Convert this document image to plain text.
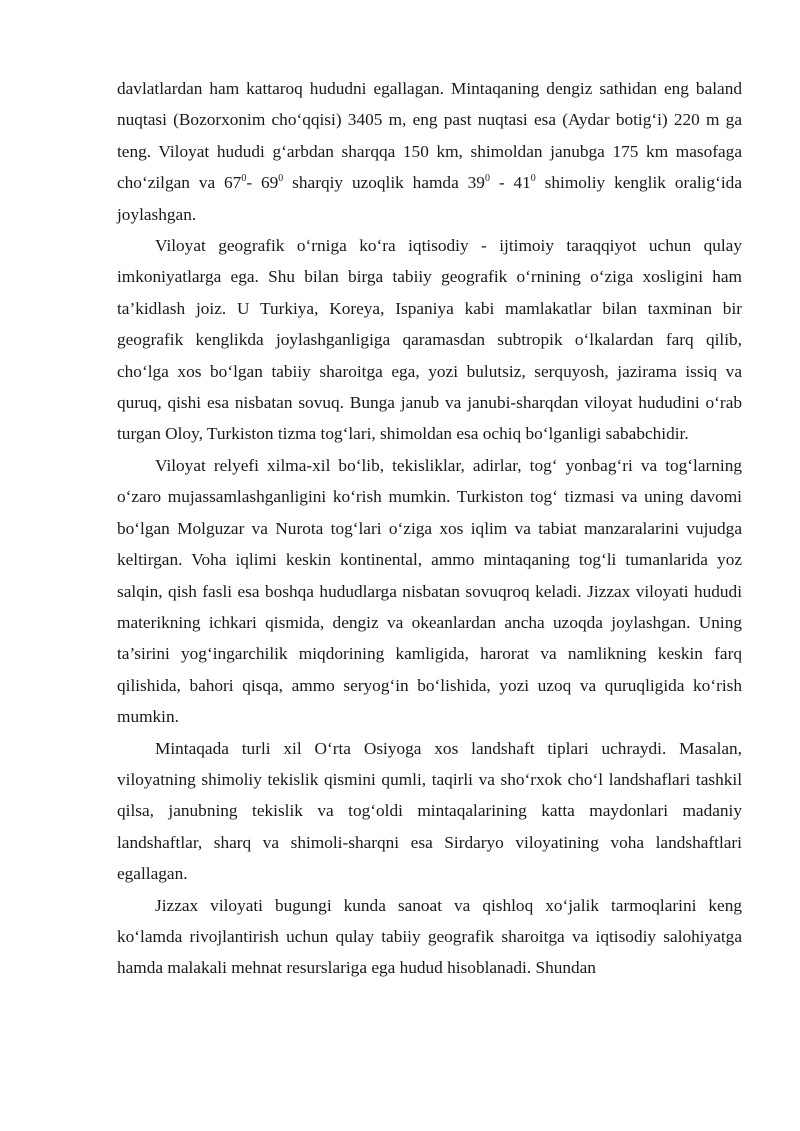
davlatlardan ham kattaroq hududni egallagan. Mintaqaning dengiz sathidan eng baland nuqtasi (Bozorxonim cho‘qqisi) 3405 m, eng past nuqtasi esa (Aydar botig‘i) 220 m ga teng. Viloyat hududi g‘arbdan sharqqa 150 km, shimoldan janubga 175 km masofaga cho‘zilgan va $67^0-$ $69^0$ sharqiy uzoqlik hamda $39^0 - 41^0$ shimoliy kenglik oralig‘ida joylashgan.

Viloyat geografik o‘rniga ko‘ra iqtisodiy - ijtimoiy taraqqiyot uchun qulay imkoniyatlarga ega. Shu bilan birga tabiiy geografik o‘rnining o‘ziga xosligini ham ta’kidlash joiz. U Turkiya, Koreya, Ispaniya kabi mamlakatlar bilan taxminan bir geografik kenglikda joylashganligiga qaramasdan subtropik o‘lkalardan farq qilib, cho‘lga xos bo‘lgan tabiiy sharoitga ega, yozi bulutsiz, serquyosh, jazirama issiq va quruq, qishi esa nisbatan sovuq. Bunga janub va janubi-sharqdan viloyat hududini o‘rab turgan Oloy, Turkiston tizma tog‘lari, shimoldan esa ochiq bo‘lganligi sababchidir.

Viloyat relyefi xilma-xil bo‘lib, tekisliklar, adirlar, tog‘ yonbag‘ri va tog‘larning o‘zaro mujassamlashganligini ko‘rish mumkin. Turkiston tog‘ tizmasi va uning davomi bo‘lgan Molguzar va Nurota tog‘lari o‘ziga xos iqlim va tabiat manzaralarini vujudga keltirgan. Voha iqlimi keskin kontinental, ammo mintaqaning tog‘li tumanlarida yoz salqin, qish fasli esa boshqa hududlarga nisbatan sovuqroq keladi. Jizzax viloyati hududi materikning ichkari qismida, dengiz va okeanlardan ancha uzoqda joylashgan. Uning ta’sirini yog‘ingarchilik miqdorining kamligida, harorat va namlikning keskin farq qilishida, bahori qisqa, ammo seryog‘in bo‘lishida, yozi uzoq va quruqligida ko‘rish mumkin.

Mintaqada turli xil O‘rta Osiyoga xos landshaft tiplari uchraydi. Masalan, viloyatning shimoliy tekislik qismini qumli, taqirli va sho‘rxok cho‘l landshaflari tashkil qilsa, janubning tekislik va tog‘oldi mintaqalarining katta maydonlari madaniy landshaftlar, sharq va shimoli-sharqni esa Sirdaryo viloyatining voha landshaftlari egallagan.

Jizzax viloyati bugungi kunda sanoat va qishloq xo‘jalik tarmoqlarini keng ko‘lamda rivojlantirish uchun qulay tabiiy geografik sharoitga va iqtisodiy salohiyatga hamda malakali mehnat resurslariga ega hudud hisoblanadi. Shundan
